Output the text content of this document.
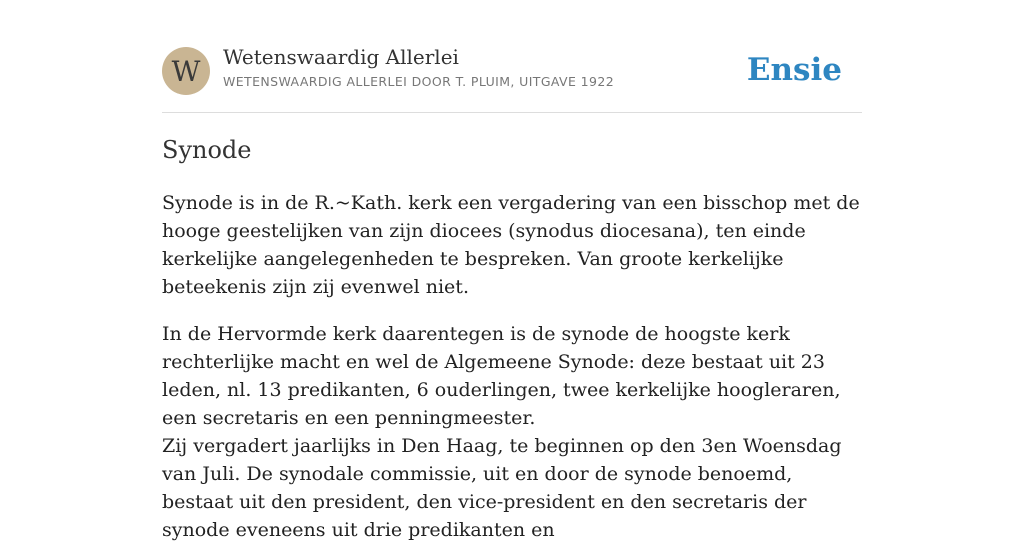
W	Wetenswaardig Allerlei
WETENSWAARDIG ALLERLEI DOOR T. PLUIM, UITGAVE 1922	Ensie
Synode

Synode is in de R.~Kath. kerk een vergadering van een bisschop met de hooge geestelijken van zijn diocees (synodus diocesana), ten einde kerkelijke aangelegenheden te bespreken. Van groote kerkelijke beteekenis zijn zij evenwel niet.

In de Hervormde kerk daarentegen is de synode de hoogste kerk rechterlijke macht en wel de Algemeene Synode: deze bestaat uit 23 leden, nl. 13 predikanten, 6 ouderlingen, twee kerkelijke hoogleraren, een secretaris en een penningmeester.

Zij vergadert jaarlijks in Den Haag, te beginnen op den 3en Woensdag van Juli. De synodale commissie, uit en door de synode benoemd, bestaat uit den president, den vice-president en den secretaris der synode eveneens uit drie predikanten en
